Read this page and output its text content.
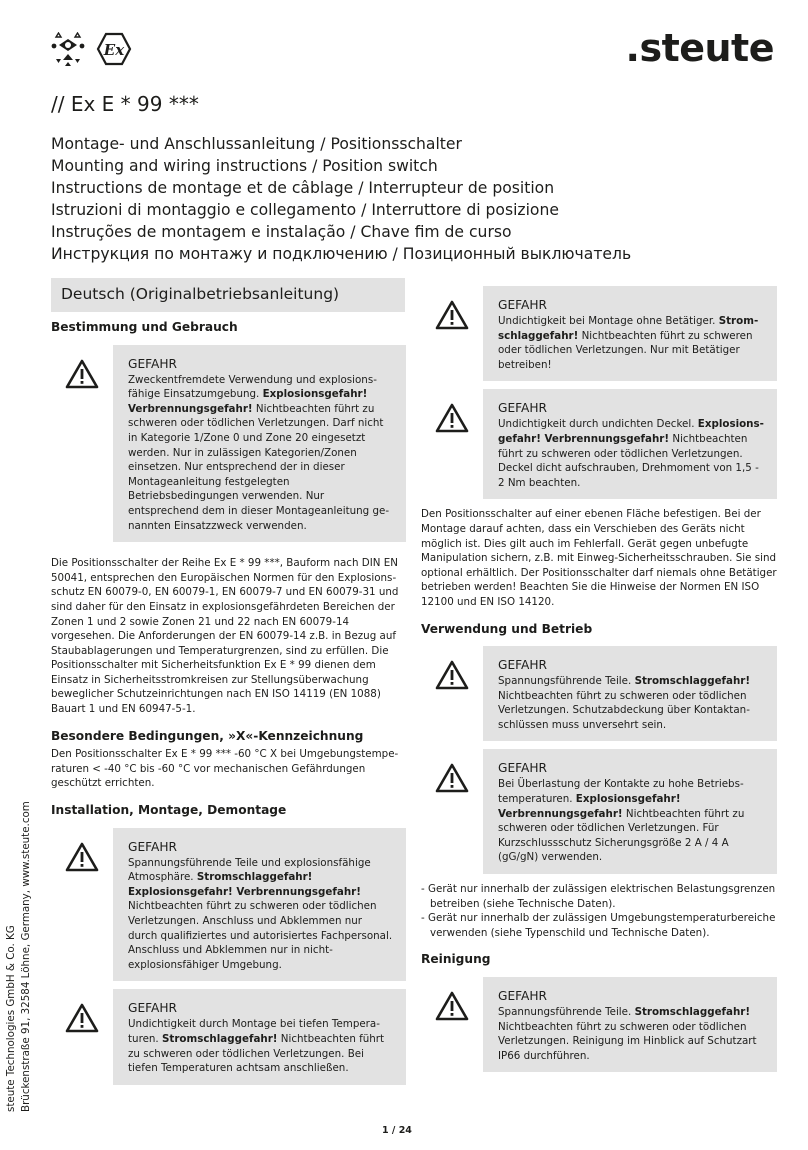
Ex	.steute
// Ex E * 99 ***
Montage- und Anschlussanleitung / Positionsschalter
Mounting and wiring instructions / Position switch
Instructions de montage et de câblage / Interrupteur de position
Istruzioni di montaggio e collegamento / Interruttore di posizione
Instruções de montagem e instalação / Chave fim de curso
Инструкция по монтажу и подключению / Позиционный выключатель
Deutsch (Originalbetriebsanleitung)
Bestimmung und Gebrauch
GEFAHR

Zweckentfremdete Verwendung und explosionsfähige Einsatzumgebung. Explosionsgefahr! Verbrennungsgefahr! Nichtbeachten führt zu schweren oder tödlichen Verletzungen. Darf nicht in Kategorie 1/Zone 0 und Zone 20 eingesetzt werden. Nur in zulässigen Kategorien/Zonen einsetzen. Nur entsprechend der in dieser Montageanleitung festgelegten Betriebsbedingungen verwenden. Nur entsprechend dem in dieser Montageanleitung genannten Einsatzzweck verwenden.

Die Positionsschalter der Reihe Ex E * 99 ***, Bauform nach DIN EN 50041, entsprechen den Europäischen Normen für den Explosionsschutz EN 60079-0, EN 60079-1, EN 60079-7 und EN 60079-31 und sind daher für den Einsatz in explosionsgefährdeten Bereichen der Zonen 1 und 2 sowie Zonen 21 und 22 nach EN 60079-14 vorgesehen. Die Anforderungen der EN 60079-14 z.B. in Bezug auf Staubablagerungen und Temperaturgrenzen, sind zu erfüllen. Die Positionsschalter mit Sicherheitsfunktion Ex E * 99 dienen dem Einsatz in Sicherheitsstromkreisen zur Stellungsüberwachung beweglicher Schutzeinrichtungen nach EN ISO 14119 (EN 1088) Bauart 1 und EN 60947-5-1.

Besondere Bedingungen, »X«-Kennzeichnung

Den Positionsschalter Ex E * 99 *** -60 °C X bei Umgebungstemperaturen < -40 °C bis -60 °C vor mechanischen Gefährdungen geschützt errichten.

Installation, Montage, Demontage
GEFAHR

Spannungsführende Teile und explosionsfähige Atmosphäre. Stromschlaggefahr! Explosionsgefahr! Verbrennungsgefahr! Nichtbeachten führt zu schweren oder tödlichen Verletzungen. Anschluss und Abklemmen nur durch qualifiziertes und autorisiertes Fachpersonal. Anschluss und Abklemmen nur in nicht-explosionsfähiger Umgebung.

GEFAHR

Undichtigkeit durch Montage bei tiefen Temperaturen. Stromschlaggefahr! Nichtbeachten führt zu schweren oder tödlichen Verletzungen. Bei tiefen Temperaturen achtsam anschließen.

GEFAHR

Undichtigkeit bei Montage ohne Betätiger. Stromschlaggefahr! Nichtbeachten führt zu schweren oder tödlichen Verletzungen. Nur mit Betätiger betreiben!

GEFAHR

Undichtigkeit durch undichten Deckel. Explosionsgefahr! Verbrennungsgefahr! Nichtbeachten führt zu schweren oder tödlichen Verletzungen. Deckel dicht aufschrauben, Drehmoment von 1,5 - 2 Nm beachten.

Den Positionsschalter auf einer ebenen Fläche befestigen. Bei der Montage darauf achten, dass ein Verschieben des Geräts nicht möglich ist. Dies gilt auch im Fehlerfall. Gerät gegen unbefugte Manipulation sichern, z.B. mit Einweg-Sicherheitsschrauben. Sie sind optional erhältlich. Der Positionsschalter darf niemals ohne Betätiger betrieben werden! Beachten Sie die Hinweise der Normen EN ISO 12100 und EN ISO 14120.

Verwendung und Betrieb
GEFAHR

Spannungsführende Teile. Stromschlaggefahr! Nichtbeachten führt zu schweren oder tödlichen Verletzungen. Schutzabdeckung über Kontaktanschlüssen muss unversehrt sein.

GEFAHR

Bei Überlastung der Kontakte zu hohe Betriebstemperaturen. Explosionsgefahr! Verbrennungsgefahr! Nichtbeachten führt zu schweren oder tödlichen Verletzungen. Für Kurzschlussschutz Sicherungsgröße 2 A / 4 A (gG/gN) verwenden.

- Gerät nur innerhalb der zulässigen elektrischen Belastungsgrenzen betreiben (siehe Technische Daten).
- Gerät nur innerhalb der zulässigen Umgebungstemperaturbereiche verwenden (siehe Typenschild und Technische Daten).
Reinigung
GEFAHR

Spannungsführende Teile. Stromschlaggefahr! Nichtbeachten führt zu schweren oder tödlichen Verletzungen. Reinigung im Hinblick auf Schutzart IP66 durchführen.

steute Technologies GmbH & Co. KG Brückenstraße 91, 32584 Löhne, Germany, www.steute.com
1 / 24
